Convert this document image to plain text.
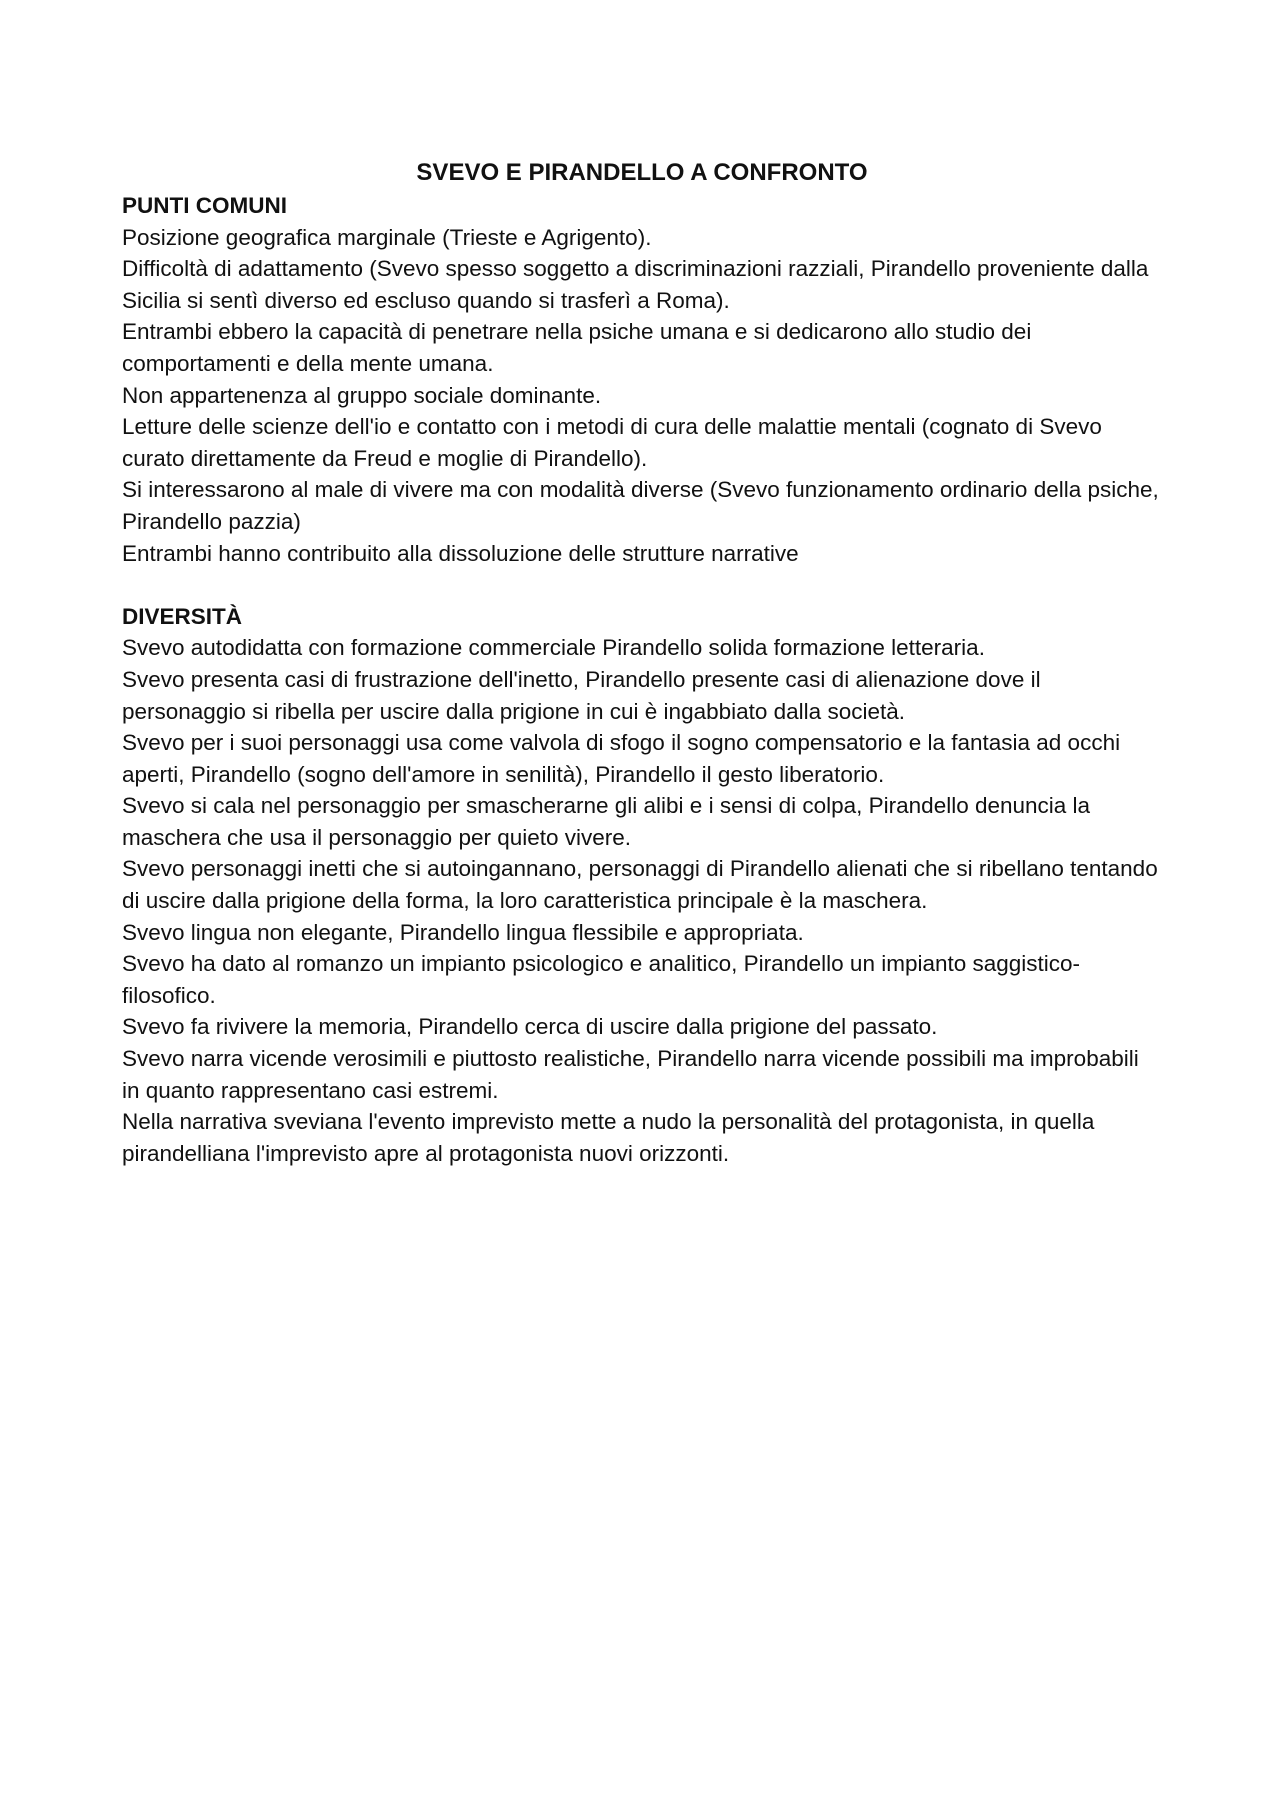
SVEVO E PIRANDELLO A CONFRONTO

PUNTI COMUNI

Posizione geografica marginale (Trieste e Agrigento).

Difficoltà di adattamento (Svevo spesso soggetto a discriminazioni razziali, Pirandello proveniente dalla Sicilia si sentì diverso ed escluso quando si trasferì a Roma).

Entrambi ebbero la capacità di penetrare nella psiche umana e si dedicarono allo studio dei comportamenti e della mente umana.

Non appartenenza al gruppo sociale dominante.

Letture delle scienze dell'io e contatto con i metodi di cura delle malattie mentali (cognato di Svevo curato direttamente da Freud e moglie di Pirandello).

Si interessarono al male di vivere ma con modalità diverse (Svevo funzionamento ordinario della psiche, Pirandello pazzia)

Entrambi hanno contribuito alla dissoluzione delle strutture narrative

DIVERSITÀ

Svevo autodidatta con formazione commerciale Pirandello solida formazione letteraria.

Svevo presenta casi di frustrazione dell'inetto, Pirandello presente casi di alienazione dove il personaggio si ribella per uscire dalla prigione in cui è ingabbiato dalla società.

Svevo per i suoi personaggi usa come valvola di sfogo il sogno compensatorio e la fantasia ad occhi aperti, Pirandello (sogno dell'amore in senilità), Pirandello il gesto liberatorio.

Svevo si cala nel personaggio per smascherarne gli alibi e i sensi di colpa, Pirandello denuncia la maschera che usa il personaggio per quieto vivere.

Svevo personaggi inetti che si autoingannano, personaggi di Pirandello alienati che si ribellano tentando di uscire dalla prigione della forma, la loro caratteristica principale è la maschera.

Svevo lingua non elegante, Pirandello lingua flessibile e appropriata.

Svevo ha dato al romanzo un impianto psicologico e analitico, Pirandello un impianto saggistico-filosofico.

Svevo fa rivivere la memoria, Pirandello cerca di uscire dalla prigione del passato.

Svevo narra vicende verosimili e piuttosto realistiche, Pirandello narra vicende possibili ma improbabili in quanto rappresentano casi estremi.

Nella narrativa sveviana l'evento imprevisto mette a nudo la personalità del protagonista, in quella pirandelliana l'imprevisto apre al protagonista nuovi orizzonti.
